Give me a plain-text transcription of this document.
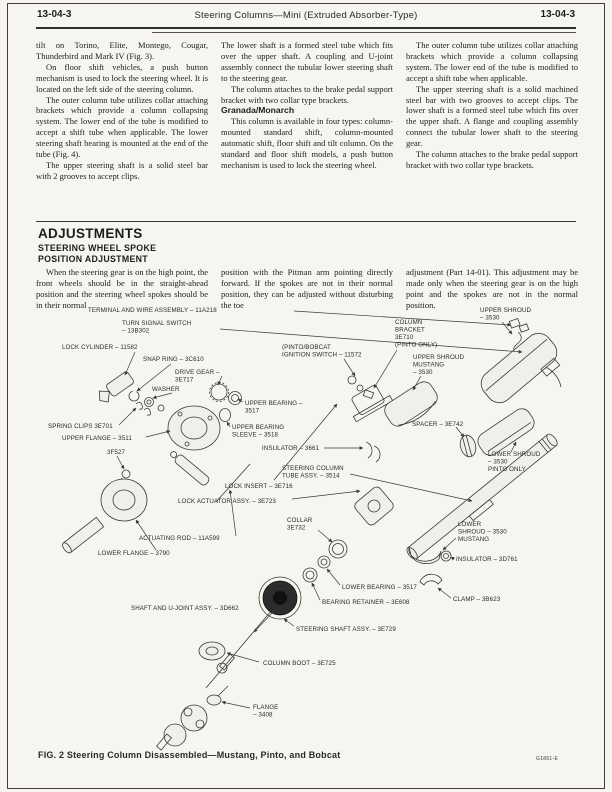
13-04-3	Steering Columns—Mini (Extruded Absorber-Type)	13-04-3

tilt on Torino, Elite, Montego, Cougar, Thunderbird and Mark IV (Fig. 3).

On floor shift vehicles, a push button mechanism is used to lock the steering wheel. It is located on the left side of the steering column.

The outer column tube utilizes collar attaching brackets which provide a column collapsing system. The lower end of the tube is modified to accept a shift tube when applicable. The lower steering shaft bearing is mounted at the end of the tube (Fig. 4).

The upper steering shaft is a solid steel bar with 2 grooves to accept clips.

The lower shaft is a formed steel tube which fits over the upper shaft. A coupling and U-joint assembly connect the tubular lower steering shaft to the steering gear.

The column attaches to the brake pedal support bracket with two collar type brackets.

Granada/Monarch

This column is available in four types: column-mounted standard shift, column-mounted automatic shift, floor shift and tilt column. On the standard and floor shift models, a push button mechanism is used to lock the steering wheel.

The outer column tube utilizes collar attaching brackets which provide a column collapsing system. The lower end of the tube is modified to accept a shift tube when applicable.

The upper steering shaft is a solid machined steel bar with two grooves to accept clips. The lower shaft is a formed steel tube which fits over the upper shaft. A flange and coupling assembly connect the tubular lower shaft to the steering gear.

The column attaches to the brake pedal support bracket with two collar type brackets.

ADJUSTMENTS
STEERING WHEEL SPOKE
POSITION ADJUSTMENT

When the steering gear is on the high point, the front wheels should be in the straight-ahead position and the steering wheel spokes should be in their normal

position with the Pitman arm pointing directly forward. If the spokes are not in their normal position, they can be adjusted without disturbing the toe

adjustment (Part 14-01). This adjustment may be made only when the steering gear is on the high point and the spokes are not in the normal position.

TERMINAL AND WIRE ASSEMBLY – 11A218
TURN SIGNAL SWITCH – 13B302
LOCK CYLINDER – 11582
SNAP RING – 3C610
DRIVE GEAR – 3E717
WASHER
SPRING CLIPS 3E701
UPPER FLANGE – 3511
3F527
UPPER BEARING – 3517
UPPER BEARING SLEEVE – 3518
INSULATOR – 3661
STEERING COLUMN TUBE ASSY. – 3514
LOCK INSERT – 3E716
LOCK ACTUATOR ASSY. – 3E723
ACTUATING ROD – 11A599
LOWER FLANGE – 3790
SHAFT AND U-JOINT ASSY. – 3D662
STEERING SHAFT ASSY. – 3E729
BEARING RETAINER – 3E608
LOWER BEARING – 3517
COLUMN BOOT – 3E725
FLANGE – 3408
COLLAR 3E732
LOWER SHROUD – 3530 MUSTANG
INSULATOR – 3D761
CLAMP – 3B623
LOWER SHROUD – 3530 PINTO ONLY
SPACER – 3E742
UPPER SHROUD MUSTANG – 3530
UPPER SHROUD – 3530
COLUMN BRACKET 3E710 (PINTO ONLY)
(PINTO/BOBCAT IGNITION SWITCH – 11572
FIG. 2 Steering Column Disassembled—Mustang, Pinto, and Bobcat	G1861-E
